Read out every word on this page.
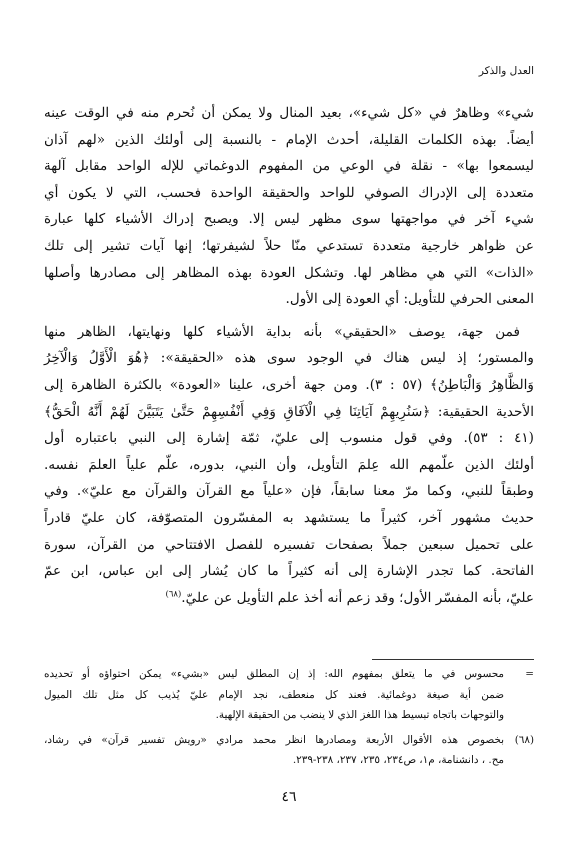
العدل والذكر
شيء» وظاهرٌ في «كل شيء»، بعيد المنال ولا يمكن أن نُحرم منه في الوقت عينه
أيضاً. بهذه الكلمات القليلة، أحدث الإمام - بالنسبة إلى أولئك الذين «لهم آذان
ليسمعوا بها» - نقلة في الوعي من المفهوم الدوغماتي للإله الواحد مقابل آلهة
متعددة إلى الإدراك الصوفي للواحد والحقيقة الواحدة فحسب، التي لا يكون أي
شيء آخر في مواجهتها سوى مظهر ليس إلا. ويصبح إدراك الأشياء كلها عبارة
عن ظواهر خارجية متعددة تستدعي منّا حلاً لشيفرتها؛ إنها آيات تشير إلى تلك
«الذات» التي هي مظاهر لها. وتشكل العودة بهذه المظاهر إلى مصادرها وأصلها
المعنى الحرفي للتأويل: أي العودة إلى الأول.
فمن جهة، يوصف «الحقيقي» بأنه بداية الأشياء كلها ونهايتها، الظاهر منها
والمستور؛ إذ ليس هناك في الوجود سوى هذه «الحقيقة»: ﴿هُوَ الْأَوَّلُ وَالْآخِرُ
وَالظَّاهِرُ وَالْبَاطِنُ﴾ (٥٧ : ٣). ومن جهة أخرى، علينا «العودة» بالكثرة الظاهرة إلى
الأحدية الحقيقية: ﴿سَنُرِيهِمْ آيَاتِنَا فِي الْآفَاقِ وَفِي أَنْفُسِهِمْ حَتَّىٰ يَتَبَيَّنَ لَهُمْ أَنَّهُ الْحَقُّ﴾
(٤١ : ٥٣). وفي قول منسوب إلى عليّ، ثمّة إشارة إلى النبي باعتباره أول
أولئك الذين علّمهم الله عِلمَ التأويل، وأن النبي، بدوره، علّم علياً العلمَ نفسه.
وطبقاً للنبي، وكما مرّ معنا سابقاً، فإن «علياً مع القرآن والقرآن مع عليّ». وفي
حديث مشهور آخر، كثيراً ما يستشهد به المفسّرون المتصوّفة، كان عليّ قادراً
على تحميل سبعين جملاً بصفحات تفسيره للفصل الافتتاحي من القرآن، سورة
الفاتحة. كما تجدر الإشارة إلى أنه كثيراً ما كان يُشار إلى ابن عباس، ابن عمّ
عليّ، بأنه المفسّر الأول؛ وقد زعم أنه أخذ علم التأويل عن عليّ.$^{(٦٨)}$
=
محسوس في ما يتعلق بمفهوم الله: إذ إن المطلق ليس «بشيء» يمكن احتواؤه أو تحديده
ضمن أية صيغة دوغمائية. فعند كل منعطف، نجد الإمام عليّ يُذيب كل مثل تلك الميول
والتوجهات باتجاه تبسيط هذا اللغز الذي لا ينضب من الحقيقة الإلهية.
(٦٨)
بخصوص هذه الأقوال الأربعة ومصادرها انظر محمد مرادي «رويش تفسير قرآن» في رشاد،
مح. ، دانشنامة، م١، ص٢٣٤، ٢٣٥، ٢٣٧، ٢٣٨-٢٣٩.
٤٦
